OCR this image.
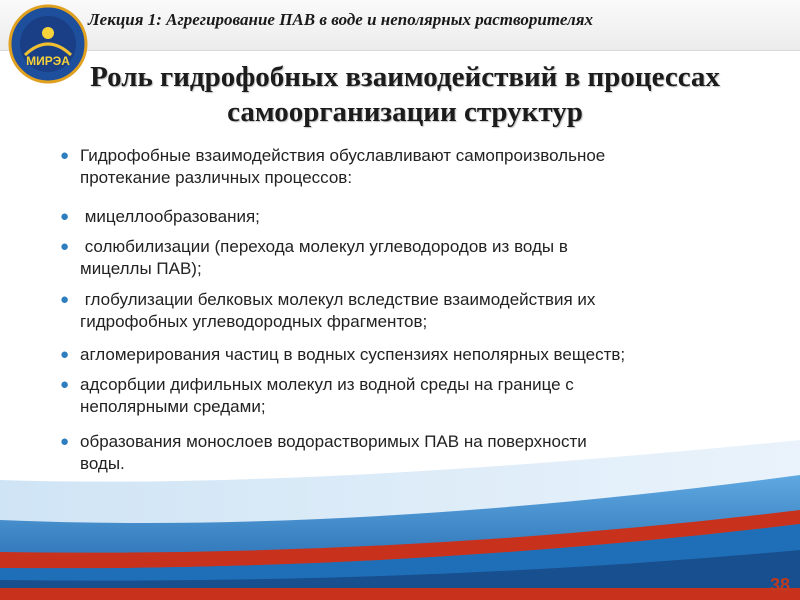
МИРЭА
Лекция 1: Агрегирование ПАВ в воде и неполярных растворителях
Роль гидрофобных взаимодействий в процессах
самоорганизации структур
● Гидрофобные взаимодействия обуславливают самопроизвольное
протекание различных процессов:
● мицеллообразования;
● солюбилизации (перехода молекул углеводородов из воды в
мицеллы ПАВ);
● глобулизации белковых молекул вследствие взаимодействия их
гидрофобных углеводородных фрагментов;
● агломерирования частиц в водных суспензиях неполярных веществ;
● адсорбции дифильных молекул из водной среды на границе с
неполярными средами;
● образования монослоев водорастворимых ПАВ на поверхности
воды.
38
